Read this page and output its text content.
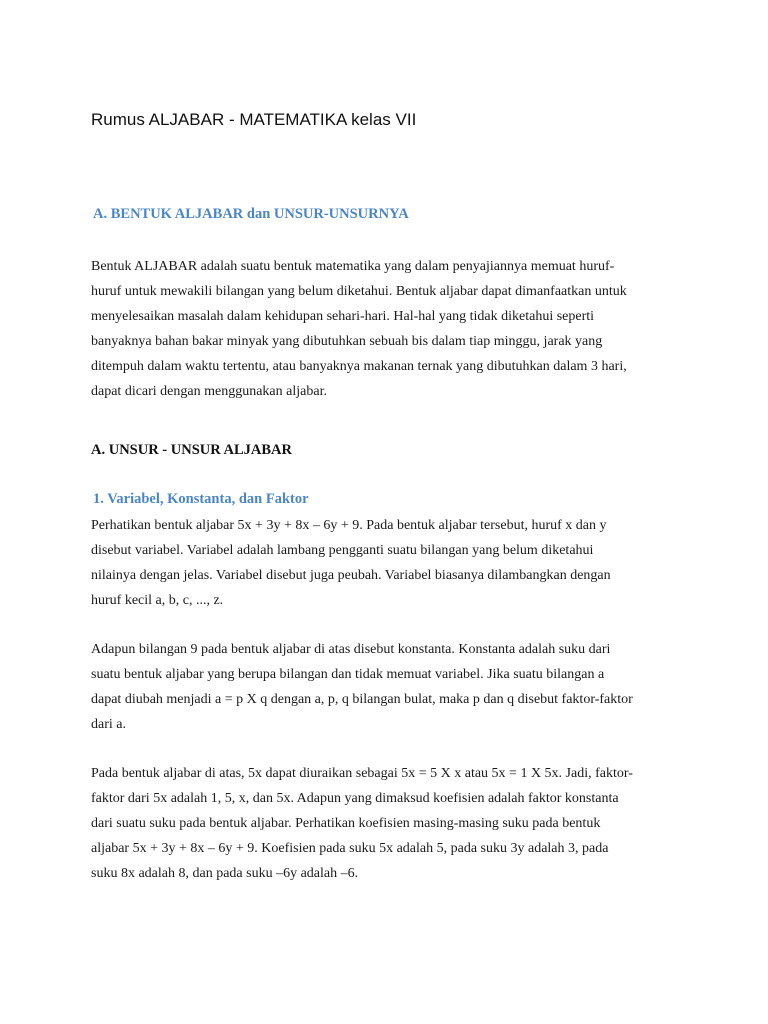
Rumus ALJABAR - MATEMATIKA kelas VII
A. BENTUK ALJABAR dan UNSUR-UNSURNYA

Bentuk ALJABAR adalah suatu bentuk matematika yang dalam penyajiannya memuat huruf-
huruf untuk mewakili bilangan yang belum diketahui. Bentuk aljabar dapat dimanfaatkan untuk
menyelesaikan masalah dalam kehidupan sehari-hari. Hal-hal yang tidak diketahui seperti
banyaknya bahan bakar minyak yang dibutuhkan sebuah bis dalam tiap minggu, jarak yang
ditempuh dalam waktu tertentu, atau banyaknya makanan ternak yang dibutuhkan dalam 3 hari,
dapat dicari dengan menggunakan aljabar.

A. UNSUR - UNSUR ALJABAR
1. Variabel, Konstanta, dan Faktor

Perhatikan bentuk aljabar 5x + 3y + 8x – 6y + 9. Pada bentuk aljabar tersebut, huruf x dan y
disebut variabel. Variabel adalah lambang pengganti suatu bilangan yang belum diketahui
nilainya dengan jelas. Variabel disebut juga peubah. Variabel biasanya dilambangkan dengan
huruf kecil a, b, c, ..., z.

Adapun bilangan 9 pada bentuk aljabar di atas disebut konstanta. Konstanta adalah suku dari
suatu bentuk aljabar yang berupa bilangan dan tidak memuat variabel. Jika suatu bilangan a
dapat diubah menjadi a = p X q dengan a, p, q bilangan bulat, maka p dan q disebut faktor-faktor
dari a.

Pada bentuk aljabar di atas, 5x dapat diuraikan sebagai 5x = 5 X x atau 5x = 1 X 5x. Jadi, faktor-
faktor dari 5x adalah 1, 5, x, dan 5x. Adapun yang dimaksud koefisien adalah faktor konstanta
dari suatu suku pada bentuk aljabar. Perhatikan koefisien masing-masing suku pada bentuk
aljabar 5x + 3y + 8x – 6y + 9. Koefisien pada suku 5x adalah 5, pada suku 3y adalah 3, pada
suku 8x adalah 8, dan pada suku –6y adalah –6.
